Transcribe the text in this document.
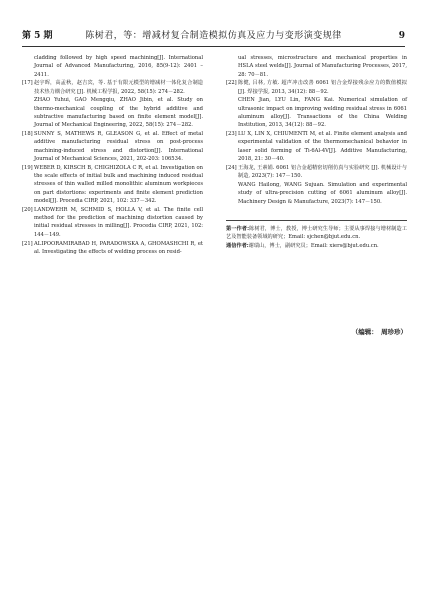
第 5 期	陈树君，等：增减材复合制造模拟仿真及应力与变形演变规律	9
cladding followed by high speed machining[J]. International Journal of Advanced Manufacturing, 2016, 85(9-12): 2401 – 2411.
[17] 赵宇晖，高孟秋，赵吉宾，等. 基于有限元模型的增减材一体化复合制造技术热力耦合研究 [J]. 机械工程学报, 2022, 58(15): 274－282.
ZHAO Yuhui, GAO Mengqiu, ZHAO Jibin, et al. Study on thermo-mechanical coupling of the hybrid additive and subtractive manufacturing based on finite element model[J]. Journal of Mechanical Engineering, 2022, 58(15): 274－282.
[18] SUNNY S, MATHEWS R, GLEASON G, et al. Effect of metal additive manufacturing residual stress on post-process machining-induced stress and distortion[J]. International Journal of Mechanical Sciences, 2021, 202-203: 106534.
[19] WEBER D, KIRSCH B, CHIGHIZOLA C R, et al. Investigation on the scale effects of initial bulk and machining induced residual stresses of thin walled milled monolithic aluminum workpieces on part distortions: experiments and finite element prediction model[J]. Procedia CIRP, 2021, 102: 337－342.
[20] LANDWEHR M, SCHMID S, HOLLA V, et al. The finite cell method for the prediction of machining distortion caused by initial residual stresses in milling[J]. Procedia CIRP, 2021, 102: 144－149.
[21] ALIPOORAMIRABAD H, PARADOWSKA A, GHOMASHCHI R, et al. Investigating the effects of welding process on resid-
ual stresses, microstructure and mechanical properties in HSLA steel welds[J]. Journal of Manufacturing Processes, 2017, 28: 70－81.
[22] 陈健, 吕林, 方敏. 超声冲击改善 6061 铝合金焊接残余应力的数值模拟 [J]. 焊接学报, 2013, 34(12): 88－92.
CHEN Jian, LYU Lin, FANG Kai. Numerical simulation of ultrasonic impact on improving welding residual stress in 6061 aluminum alloy[J]. Transactions of the China Welding Institution, 2013, 34(12): 88－92.
[23] LU X, LIN X, CHIUMENTI M, et al. Finite element analysis and experimental validation of the thermomechanical behavior in laser solid forming of Ti-6Al-4V[J]. Additive Manufacturing, 2018, 21: 30－40.
[24] 王海龙, 王素娟. 6061 铝合金超精密切削仿真与实验研究 [J]. 机械设计与制造, 2023(7): 147－150.
WANG Hailong, WANG Sujuan. Simulation and experimental study of ultra-precision cutting of 6061 aluminum alloy[J]. Machinery Design & Manufacture, 2023(7): 147－150.

第一作者:陈树君，博士，教授，博士研究生导师；主要从事焊接与增材制造工艺及智能装备领域的研究；Email: sjchen@bjut.edu.cn.

通信作者:谢瑞山，博士，副研究员；Email: xiers@bjut.edu.cn.

（编辑：　周珍珍）
